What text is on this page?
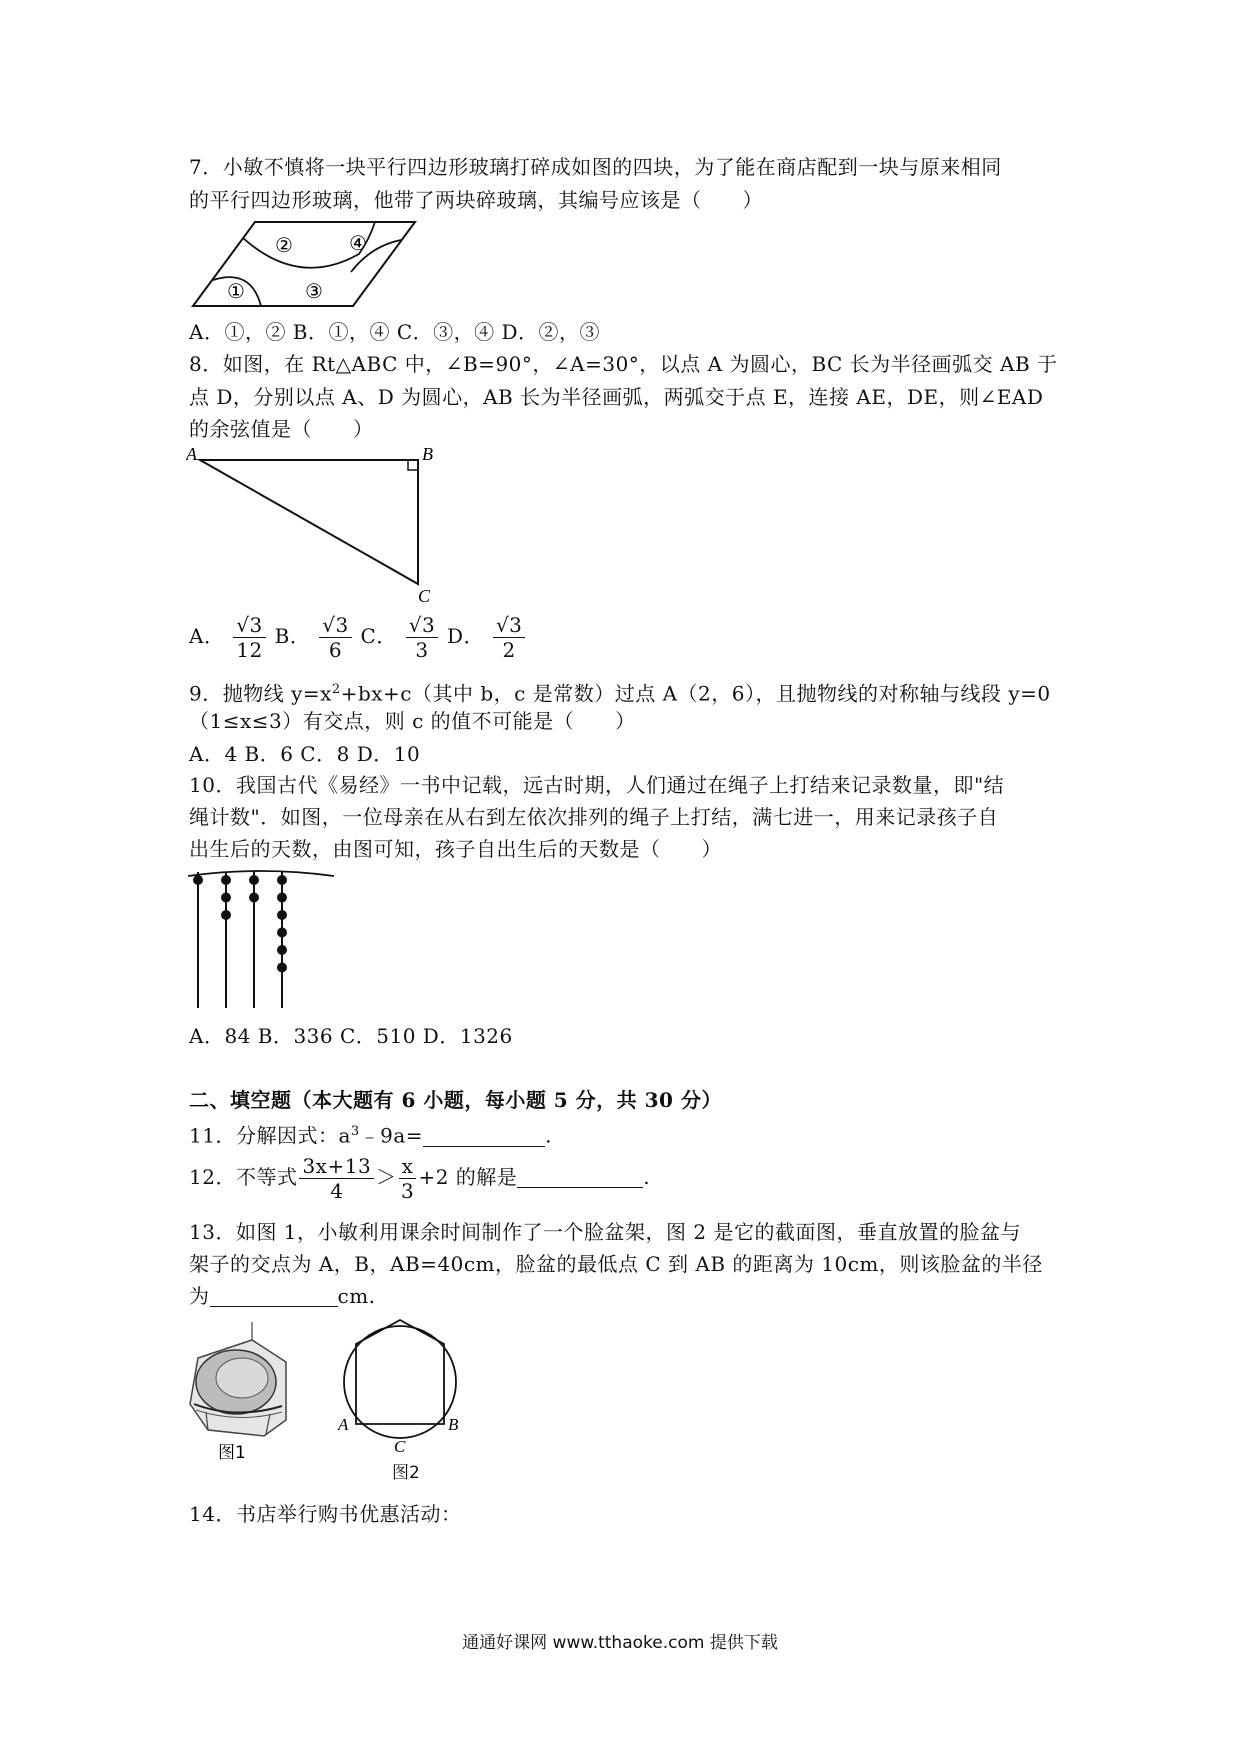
7．小敏不慎将一块平行四边形玻璃打碎成如图的四块，为了能在商店配到一块与原来相同
的平行四边形玻璃，他带了两块碎玻璃，其编号应该是（　　）
①
②
③
④
A．①，② B．①，④ C．③，④ D．②，③
8．如图，在 Rt△ABC 中，∠B=90°，∠A=30°，以点 A 为圆心，BC 长为半径画弧交 AB 于
点 D，分别以点 A、D 为圆心，AB 长为半径画弧，两弧交于点 E，连接 AE，DE，则∠EAD
的余弦值是（　　）
A	B
C
A． $\frac{√3}{12}$ B． $\frac{√3}{6}$ C． $\frac{√3}{3}$ D． $\frac{√3}{2}$
9．抛物线 $y=x^2+bx+c$（其中 b，c 是常数）过点 A（2，6），且抛物线的对称轴与线段 y=0
（1≤x≤3）有交点，则 c 的值不可能是（　　）
A．4 B．6 C．8 D．10
10．我国古代《易经》一书中记载，远古时期，人们通过在绳子上打结来记录数量，即"结
绳计数"．如图，一位母亲在从右到左依次排列的绳子上打结，满七进一，用来记录孩子自
出生后的天数，由图可知，孩子自出生后的天数是（　　）
A．84 B．336 C．510 D．1326
二、填空题（本大题有 6 小题，每小题 5 分，共 30 分）
11．分解因式：$a^3﹣9a=$	.
12．不等式 $\frac{3x+13}{4} > \frac{x}{3} +2$ 的解是	.
13．如图 1，小敏利用课余时间制作了一个脸盆架，图 2 是它的截面图，垂直放置的脸盆与
架子的交点为 A，B，AB=40cm，脸盆的最低点 C 到 AB 的距离为 10cm，则该脸盆的半径
为	cm.
图1
A	B
C
图2
14．书店举行购书优惠活动：
通通好课网 www.tthaoke.com 提供下载
